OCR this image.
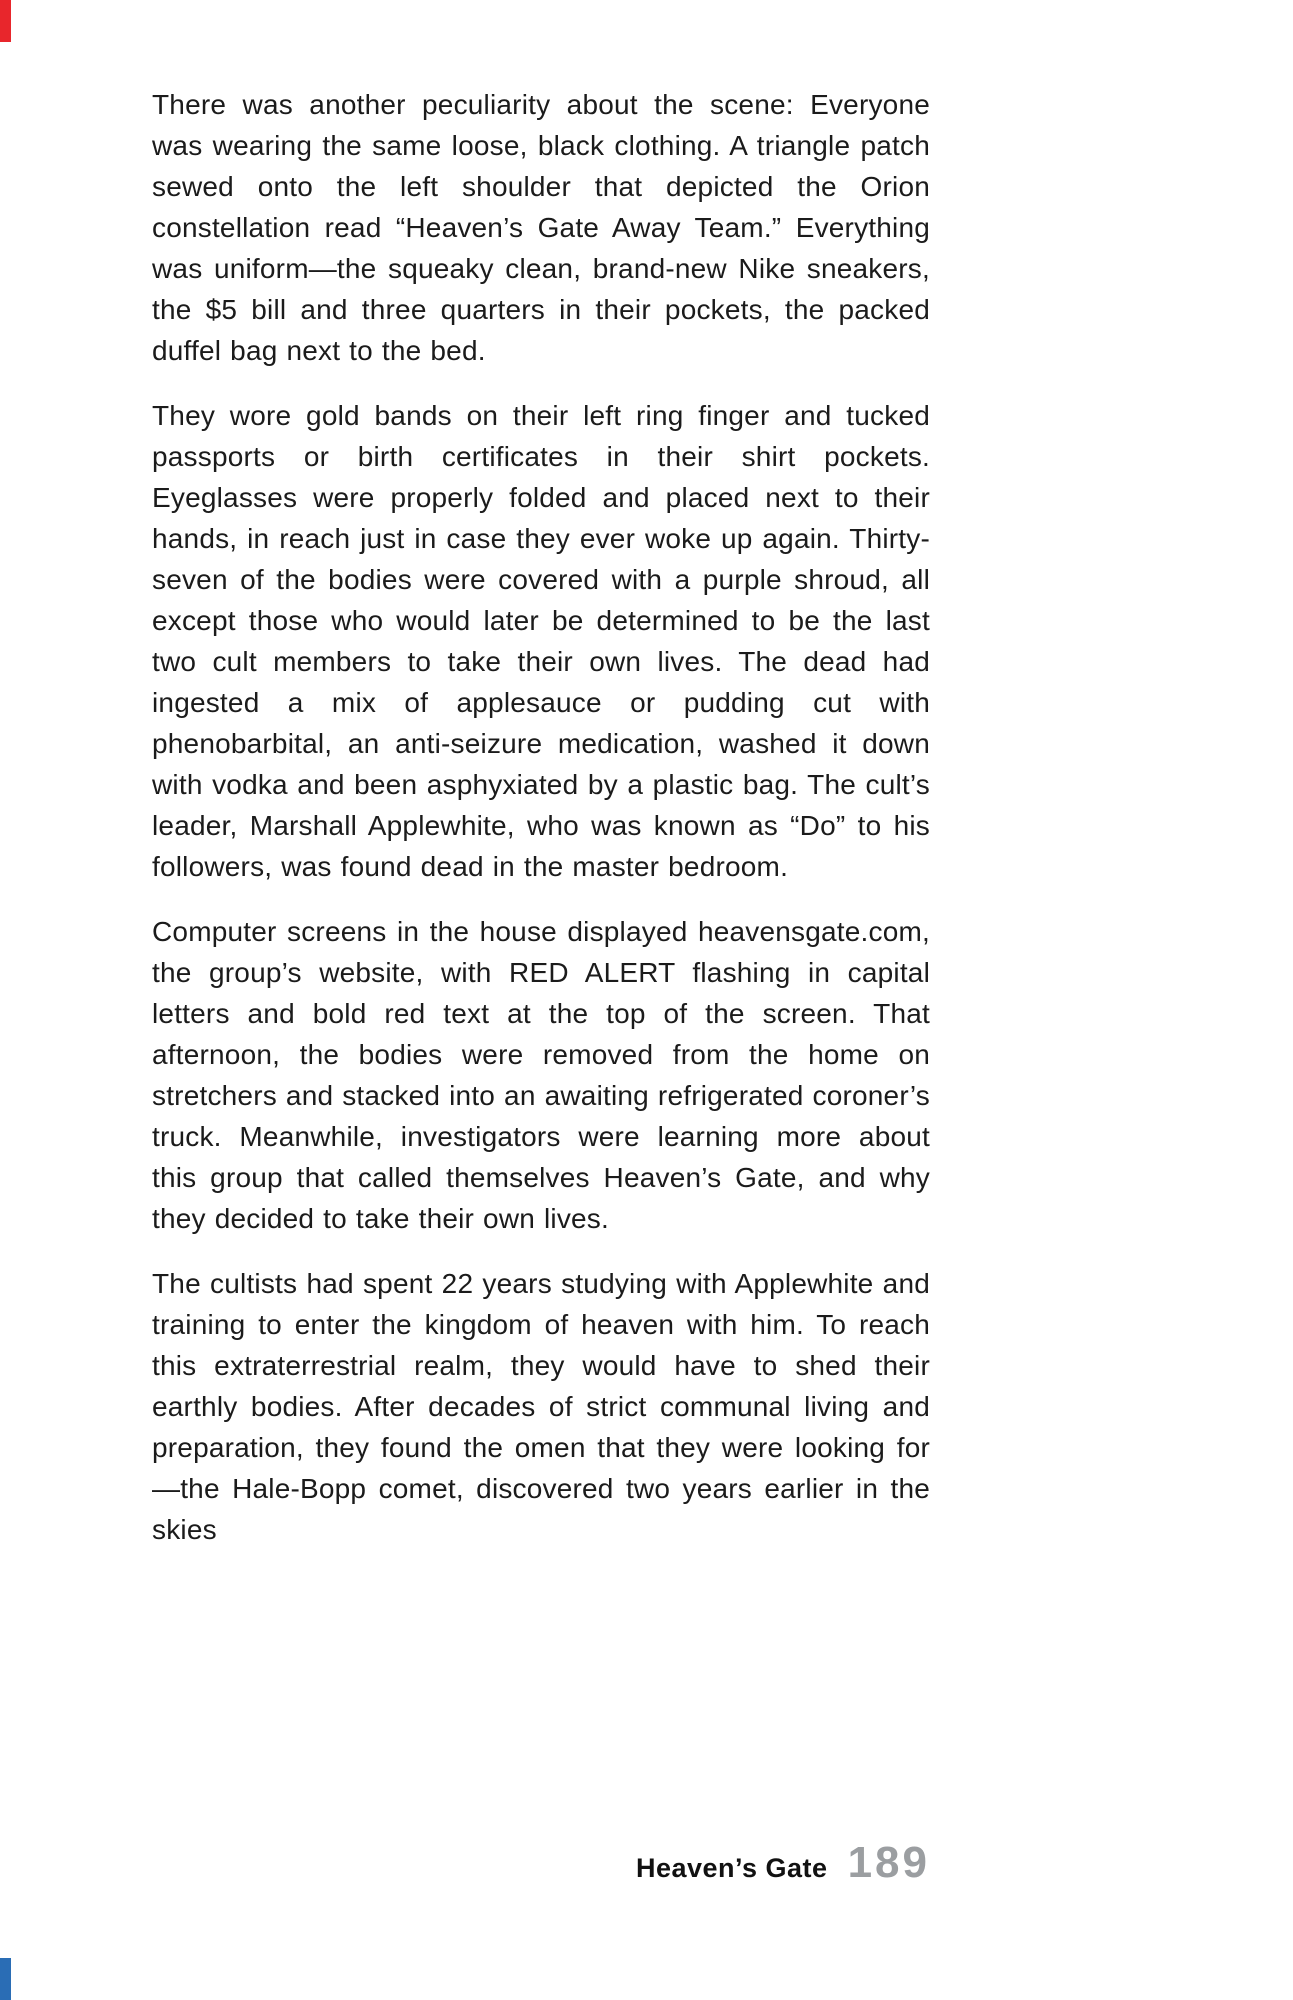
There was another peculiarity about the scene: Everyone was wearing the same loose, black clothing. A triangle patch sewed onto the left shoulder that depicted the Orion constellation read “Heaven’s Gate Away Team.” Everything was uniform—the squeaky clean, brand-new Nike sneakers, the $5 bill and three quarters in their pockets, the packed duffel bag next to the bed.

They wore gold bands on their left ring finger and tucked passports or birth certificates in their shirt pockets. Eyeglasses were properly folded and placed next to their hands, in reach just in case they ever woke up again. Thirty-seven of the bodies were covered with a purple shroud, all except those who would later be determined to be the last two cult members to take their own lives. The dead had ingested a mix of applesauce or pudding cut with phenobarbital, an anti-seizure medication, washed it down with vodka and been asphyxiated by a plastic bag. The cult’s leader, Marshall Applewhite, who was known as “Do” to his followers, was found dead in the master bedroom.

Computer screens in the house displayed heavensgate.com, the group’s website, with RED ALERT flashing in capital letters and bold red text at the top of the screen. That afternoon, the bodies were removed from the home on stretchers and stacked into an awaiting refrigerated coroner’s truck. Meanwhile, investigators were learning more about this group that called themselves Heaven’s Gate, and why they decided to take their own lives.

The cultists had spent 22 years studying with Applewhite and training to enter the kingdom of heaven with him. To reach this extraterrestrial realm, they would have to shed their earthly bodies. After decades of strict communal living and preparation, they found the omen that they were looking for—the Hale-Bopp comet, discovered two years earlier in the skies

Heaven’s Gate 189
